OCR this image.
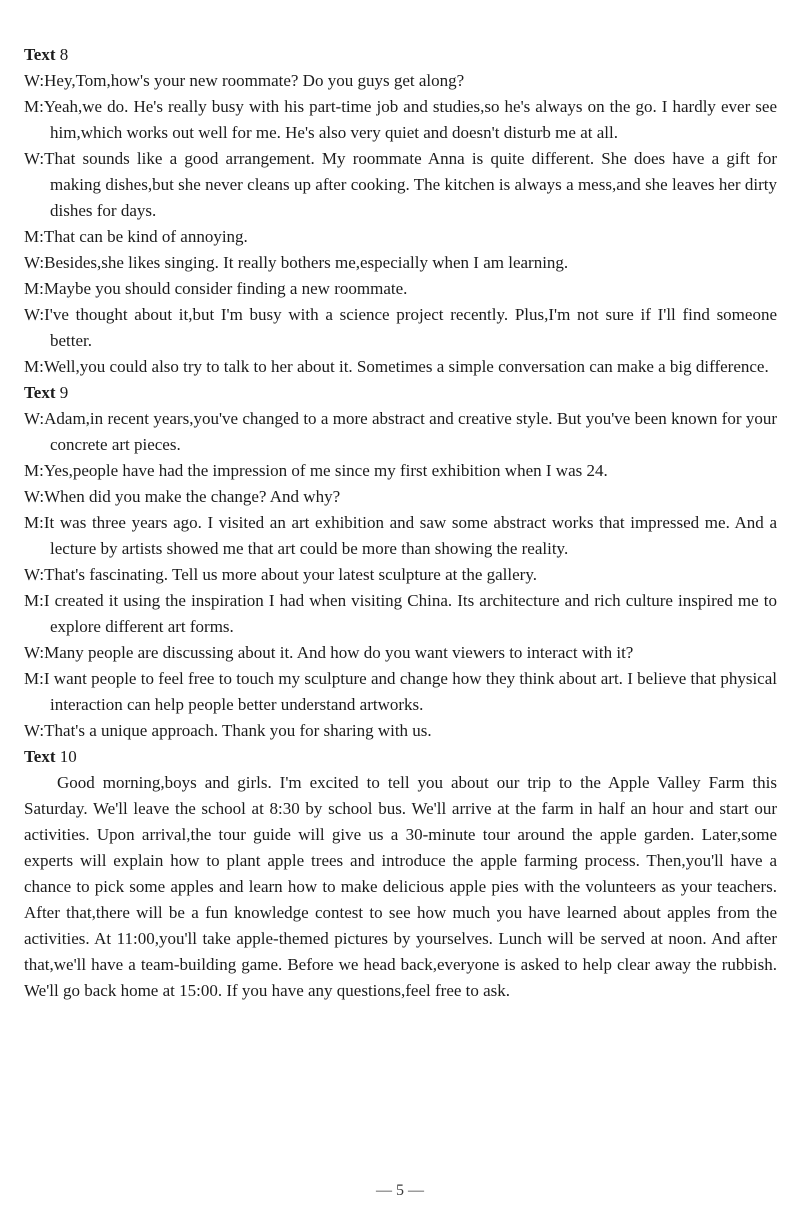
Text 8
W:Hey,Tom,how's your new roommate? Do you guys get along?
M:Yeah,we do. He's really busy with his part-time job and studies,so he's always on the go. I hardly ever see him,which works out well for me. He's also very quiet and doesn't disturb me at all.
W:That sounds like a good arrangement. My roommate Anna is quite different. She does have a gift for making dishes,but she never cleans up after cooking. The kitchen is always a mess,and she leaves her dirty dishes for days.
M:That can be kind of annoying.
W:Besides,she likes singing. It really bothers me,especially when I am learning.
M:Maybe you should consider finding a new roommate.
W:I've thought about it,but I'm busy with a science project recently. Plus,I'm not sure if I'll find someone better.
M:Well,you could also try to talk to her about it. Sometimes a simple conversation can make a big difference.
Text 9
W:Adam,in recent years,you've changed to a more abstract and creative style. But you've been known for your concrete art pieces.
M:Yes,people have had the impression of me since my first exhibition when I was 24.
W:When did you make the change? And why?
M:It was three years ago. I visited an art exhibition and saw some abstract works that impressed me. And a lecture by artists showed me that art could be more than showing the reality.
W:That's fascinating. Tell us more about your latest sculpture at the gallery.
M:I created it using the inspiration I had when visiting China. Its architecture and rich culture inspired me to explore different art forms.
W:Many people are discussing about it. And how do you want viewers to interact with it?
M:I want people to feel free to touch my sculpture and change how they think about art. I believe that physical interaction can help people better understand artworks.
W:That's a unique approach. Thank you for sharing with us.
Text 10
Good morning,boys and girls. I'm excited to tell you about our trip to the Apple Valley Farm this Saturday. We'll leave the school at 8:30 by school bus. We'll arrive at the farm in half an hour and start our activities. Upon arrival,the tour guide will give us a 30-minute tour around the apple garden. Later,some experts will explain how to plant apple trees and introduce the apple farming process. Then,you'll have a chance to pick some apples and learn how to make delicious apple pies with the volunteers as your teachers. After that,there will be a fun knowledge contest to see how much you have learned about apples from the activities. At 11:00,you'll take apple-themed pictures by yourselves. Lunch will be served at noon. And after that,we'll have a team-building game. Before we head back,everyone is asked to help clear away the rubbish. We'll go back home at 15:00. If you have any questions,feel free to ask.
— 5 —
